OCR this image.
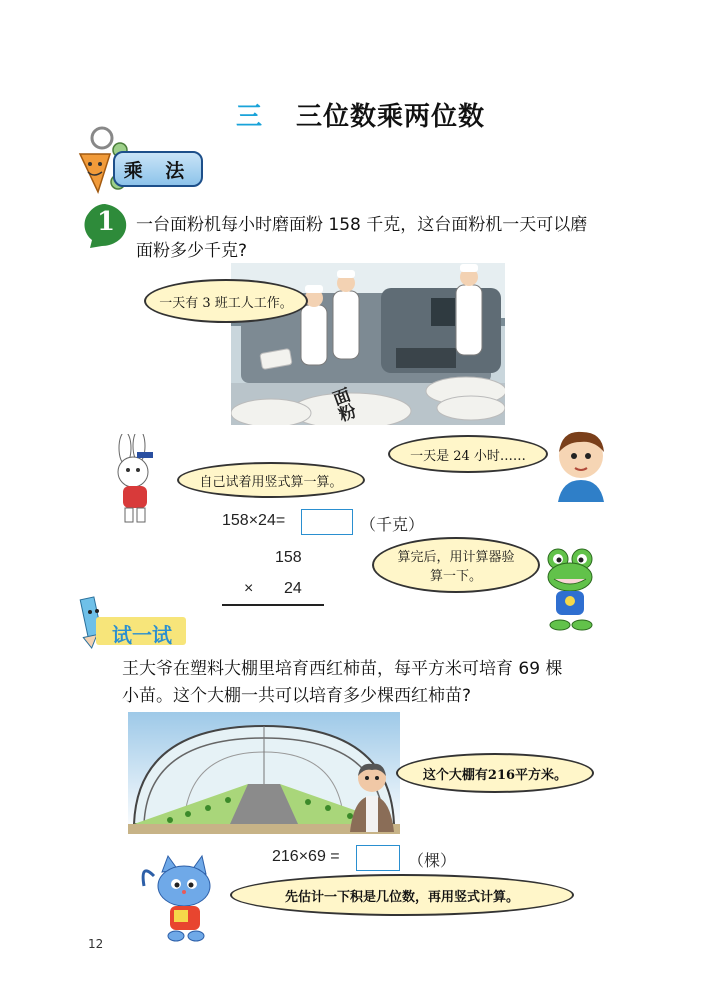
三 三位数乘两位数
乘 法
1 一台面粉机每小时磨面粉 158 千克，这台面粉机一天可以磨
面粉多少千克?
面粉
一天有 3 班工人工作。
自己试着用竖式算一算。
一天是 24 小时……
158×24=	（千克）
158
× 24
算完后，用计算器验算一下。
试一试
王大爷在塑料大棚里培育西红柿苗，每平方米可培育 69 棵
小苗。这个大棚一共可以培育多少棵西红柿苗?
这个大棚有216平方米。
216×69 =	（棵）
先估计一下积是几位数，再用竖式计算。
12
